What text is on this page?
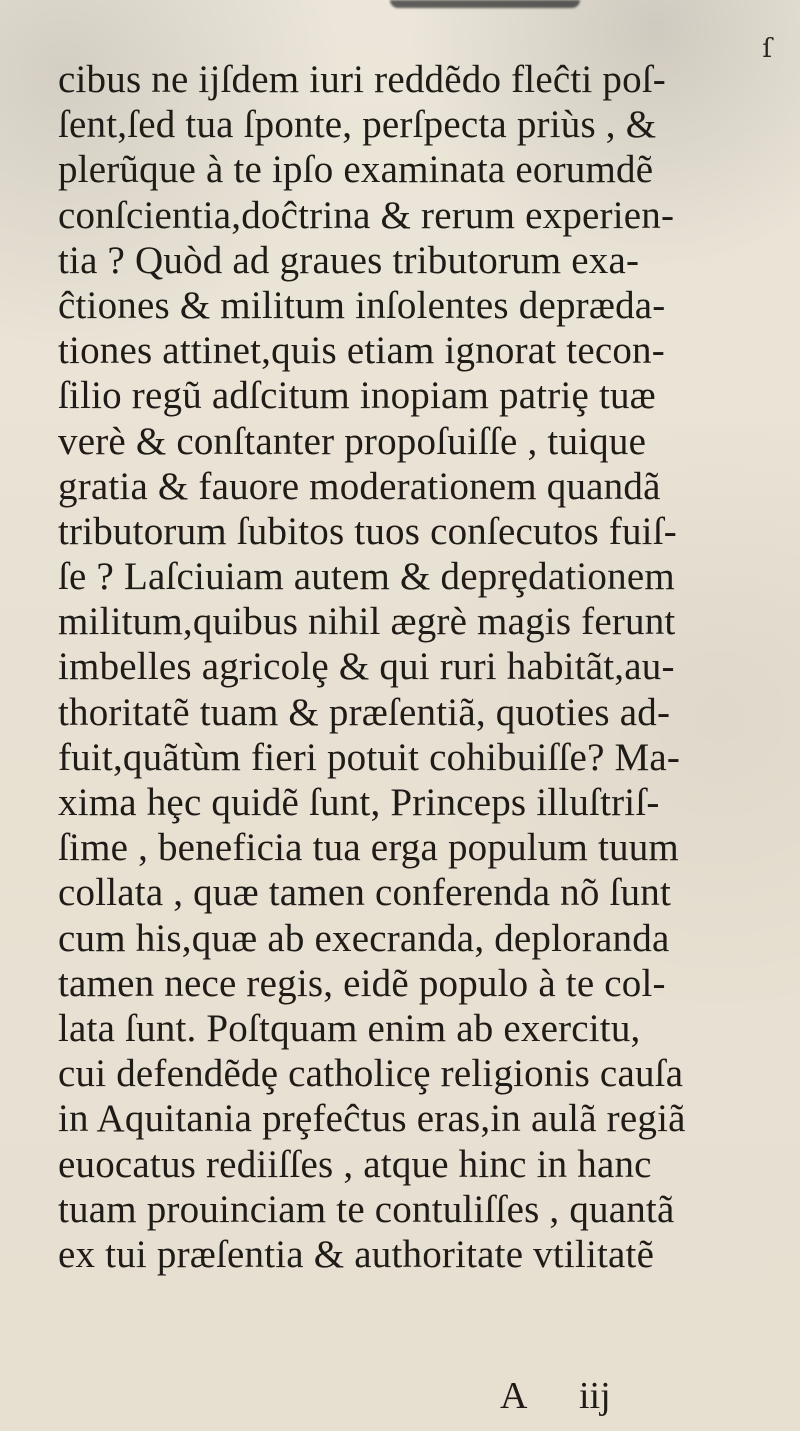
ſ
cibus ne ijſdem iuri reddẽdo fleĉti poſ-
ſent,ſed tua ſponte, perſpecta priùs , &
plerũque à te ipſo examinata eorumdẽ
conſcientia,doĉtrina & rerum experien-
tia ? Quòd ad graues tributorum exa-
ĉtiones & militum inſolentes depræda-
tiones attinet,quis etiam ignorat tecon-
ſilio regũ adſcitum inopiam patriȩ tuæ
verè & conſtanter propoſuiſſe , tuique
gratia & fauore moderationem quandã
tributorum ſubitos tuos conſecutos fuiſ-
ſe ? Laſciuiam autem & deprȩdationem
militum,quibus nihil ægrè magis ferunt
imbelles agricolȩ & qui ruri habitãt,au-
thoritatẽ tuam & præſentiã, quoties ad-
fuit,quãtùm fieri potuit cohibuiſſe? Ma-
xima hȩc quidẽ ſunt, Princeps illuſtriſ-
ſime , beneficia tua erga populum tuum
collata , quæ tamen conferenda nõ ſunt
cum his,quæ ab execranda, deploranda
tamen nece regis, eidẽ populo à te col-
lata ſunt. Poſtquam enim ab exercitu,
cui defendẽdȩ catholicȩ religionis cauſa
in Aquitania prȩfeĉtus eras,in aulã regiã
euocatus rediiſſes , atque hinc in hanc
tuam prouinciam te contuliſſes , quantã
ex tui præſentia & authoritate vtilitatẽ
A iij
